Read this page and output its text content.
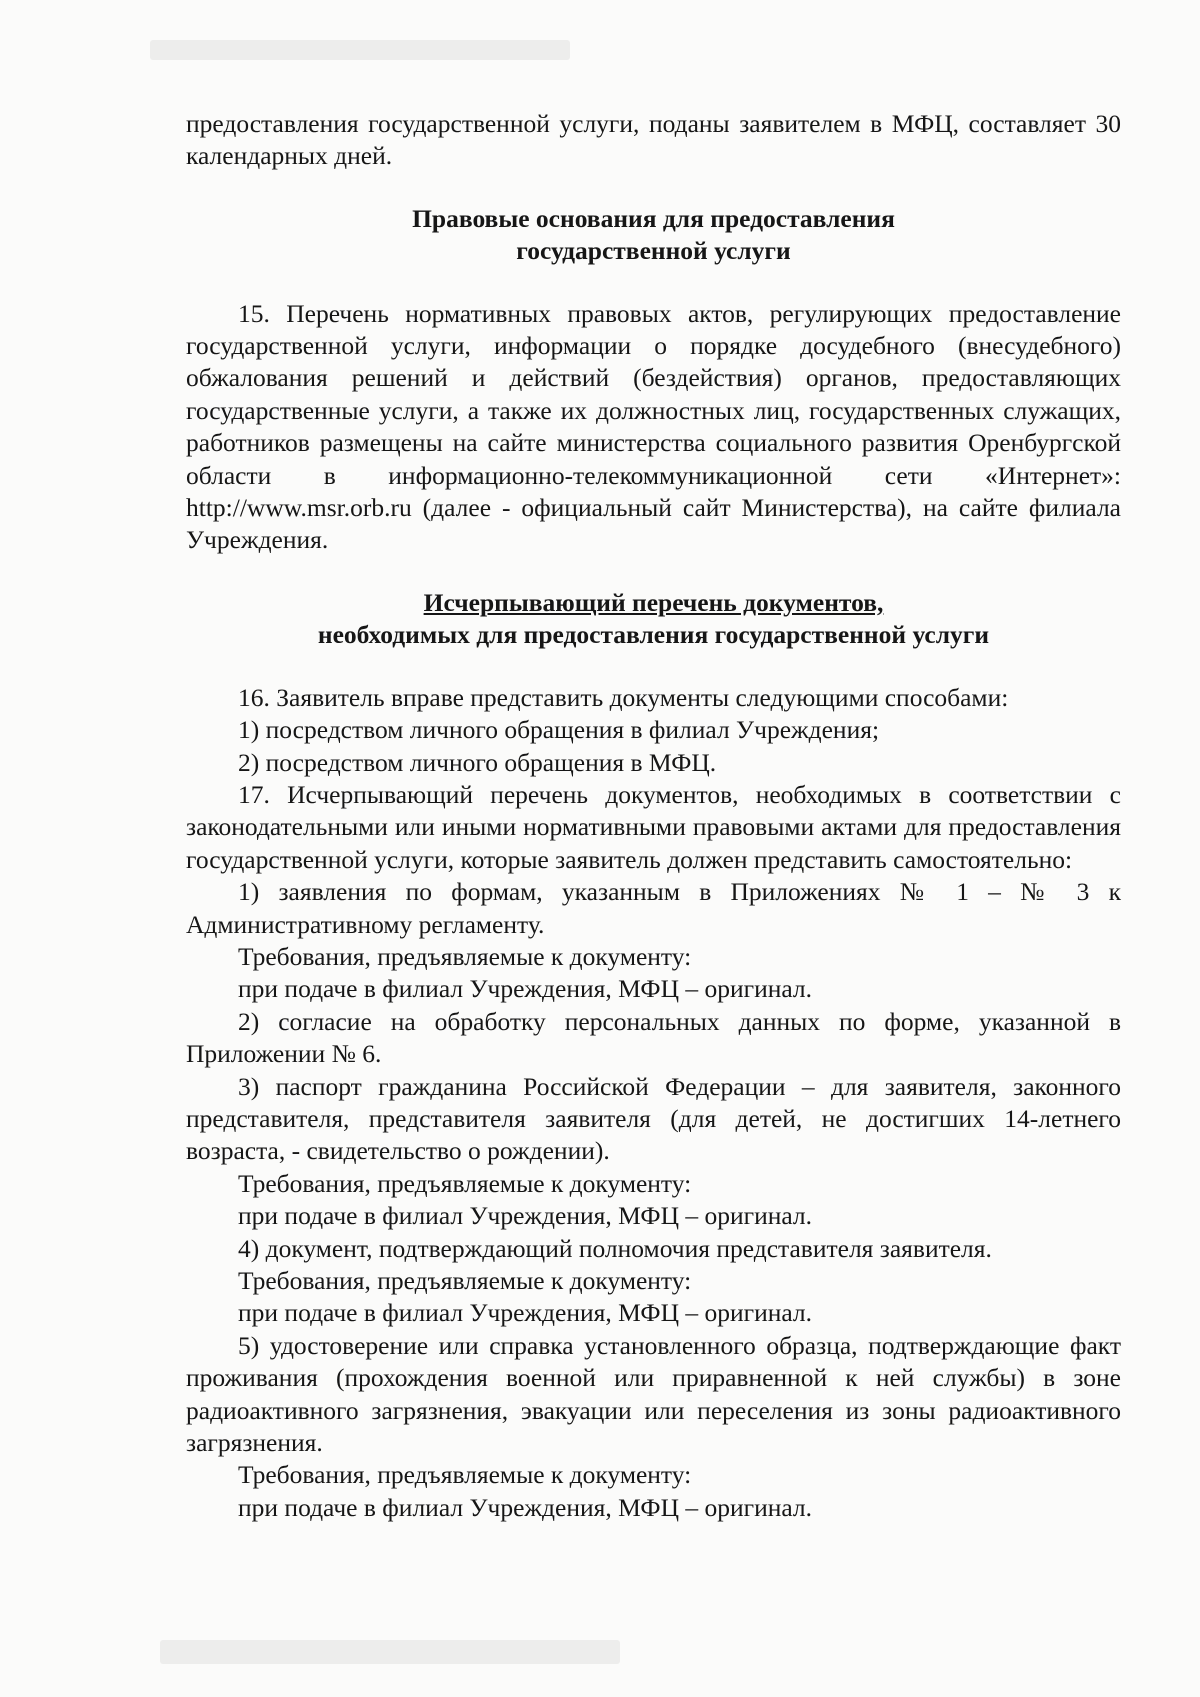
предоставления государственной услуги, поданы заявителем в МФЦ, составляет 30 календарных дней.

Правовые основания для предоставления
государственной услуги

15. Перечень нормативных правовых актов, регулирующих предоставление государственной услуги, информации о порядке досудебного (внесудебного) обжалования решений и действий (бездействия) органов, предоставляющих государственные услуги, а также их должностных лиц, государственных служащих, работников размещены на сайте министерства социального развития Оренбургской области в информационно-телекоммуникационной сети «Интернет»: http://www.msr.orb.ru (далее - официальный сайт Министерства), на сайте филиала Учреждения.

Исчерпывающий перечень документов,
необходимых для предоставления государственной услуги

16. Заявитель вправе представить документы следующими способами:

1) посредством личного обращения в филиал Учреждения;

2) посредством личного обращения в МФЦ.

17. Исчерпывающий перечень документов, необходимых в соответствии с законодательными или иными нормативными правовыми актами для предоставления государственной услуги, которые заявитель должен представить самостоятельно:

1) заявления по формам, указанным в Приложениях № 1 – № 3 к Административному регламенту.

Требования, предъявляемые к документу:

при подаче в филиал Учреждения, МФЦ – оригинал.

2) согласие на обработку персональных данных по форме, указанной в Приложении № 6.

3) паспорт гражданина Российской Федерации – для заявителя, законного представителя, представителя заявителя (для детей, не достигших 14-летнего возраста, - свидетельство о рождении).

Требования, предъявляемые к документу:

при подаче в филиал Учреждения, МФЦ – оригинал.

4) документ, подтверждающий полномочия представителя заявителя.

Требования, предъявляемые к документу:

при подаче в филиал Учреждения, МФЦ – оригинал.

5) удостоверение или справка установленного образца, подтверждающие факт проживания (прохождения военной или приравненной к ней службы) в зоне радиоактивного загрязнения, эвакуации или переселения из зоны радиоактивного загрязнения.

Требования, предъявляемые к документу:

при подаче в филиал Учреждения, МФЦ – оригинал.
